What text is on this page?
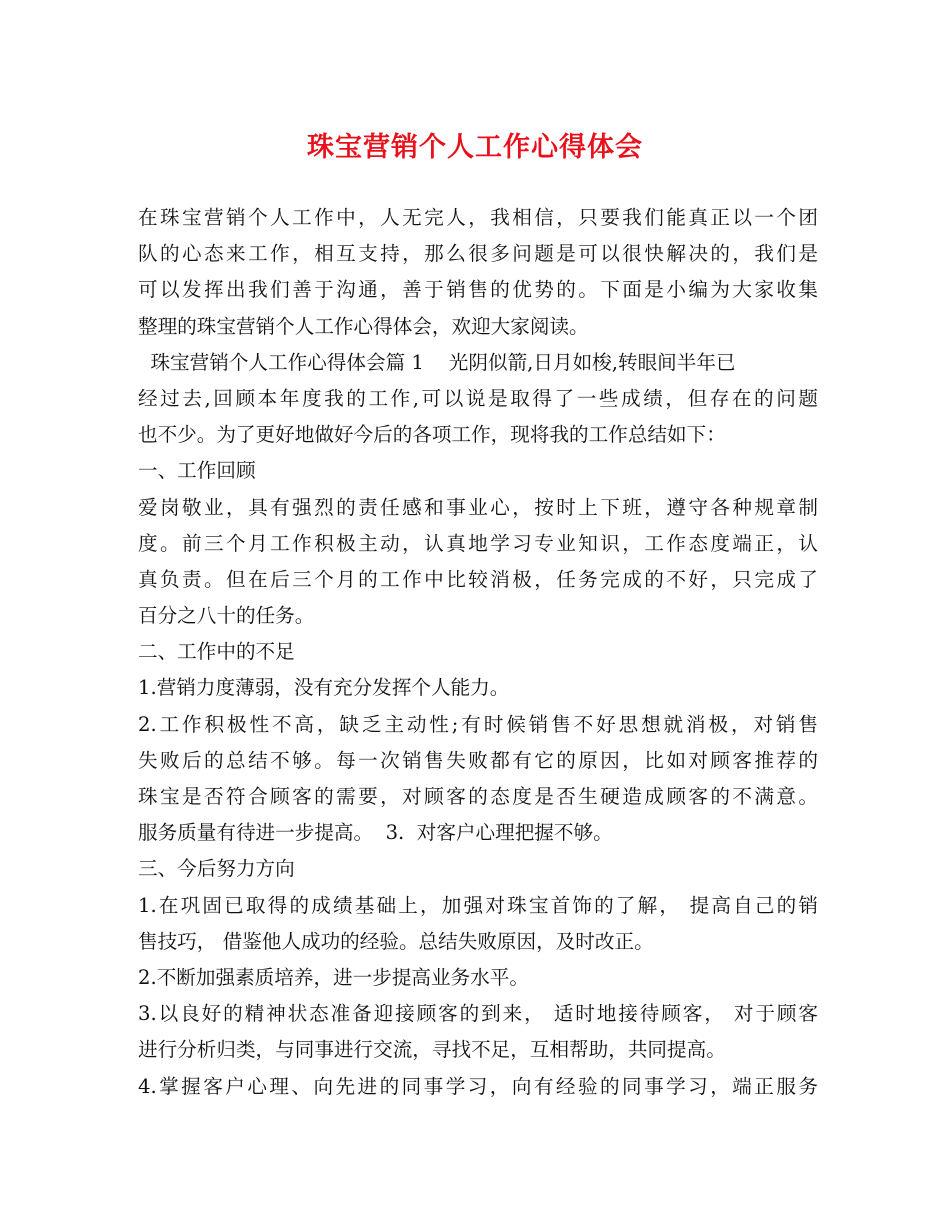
珠宝营销个人工作心得体会
在珠宝营销个人工作中，人无完人，我相信，只要我们能真正以一个团
队的心态来工作，相互支持，那么很多问题是可以很快解决的，我们是
可以发挥出我们善于沟通，善于销售的优势的。下面是小编为大家收集
整理的珠宝营销个人工作心得体会，欢迎大家阅读。
珠宝营销个人工作心得体会篇 1    光阴似箭,日月如梭,转眼间半年已
经过去,回顾本年度我的工作,可以说是取得了一些成绩，但存在的问题
也不少。为了更好地做好今后的各项工作，现将我的工作总结如下：
一、工作回顾
爱岗敬业，具有强烈的责任感和事业心，按时上下班，遵守各种规章制
度。前三个月工作积极主动，认真地学习专业知识，工作态度端正，认
真负责。但在后三个月的工作中比较消极，任务完成的不好，只完成了
百分之八十的任务。
二、工作中的不足
1.营销力度薄弱，没有充分发挥个人能力。
2.工作积极性不高，缺乏主动性;有时候销售不好思想就消极，对销售
失败后的总结不够。每一次销售失败都有它的原因，比如对顾客推荐的
珠宝是否符合顾客的需要，对顾客的态度是否生硬造成顾客的不满意。
服务质量有待进一步提高。  3.  对客户心理把握不够。
三、今后努力方向
1.在巩固已取得的成绩基础上，加强对珠宝首饰的了解， 提高自己的销
售技巧， 借鉴他人成功的经验。总结失败原因，及时改正。
2.不断加强素质培养，进一步提高业务水平。
3.以良好的精神状态准备迎接顾客的到来， 适时地接待顾客， 对于顾客
进行分析归类，与同事进行交流，寻找不足，互相帮助，共同提高。
4.掌握客户心理、向先进的同事学习，向有经验的同事学习，端正服务
